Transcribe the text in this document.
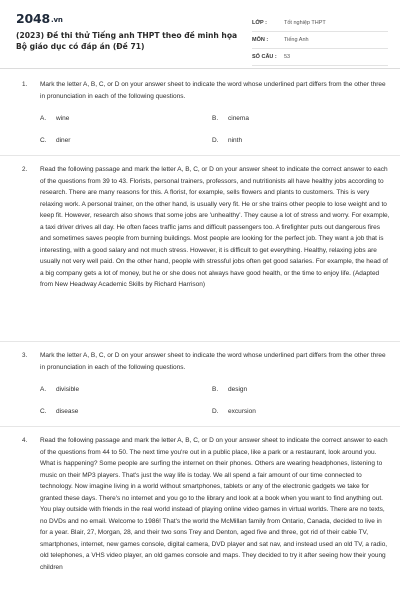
2048.vn
(2023) Đề thi thử Tiếng anh THPT theo đề minh họa Bộ giáo dục có đáp án (Đề 71)
LỚP :	Tốt nghiệp THPT
MÔN :	Tiếng Anh
SỐ CÂU :	53
1. Mark the letter A, B, C, or D on your answer sheet to indicate the word whose underlined part differs from the other three in pronunciation in each of the following questions.
A. wine	B. cinema
C. diner	D. ninth
2. Read the following passage and mark the letter A, B, C, or D on your answer sheet to indicate the correct answer to each of the questions from 39 to 43. Florists, personal trainers, professors, and nutritionists all have healthy jobs according to research. There are many reasons for this. A florist, for example, sells flowers and plants to customers. This is very relaxing work. A personal trainer, on the other hand, is usually very fit. He or she trains other people to lose weight and to keep fit. However, research also shows that some jobs are 'unhealthy'. They cause a lot of stress and worry. For example, a taxi driver drives all day. He often faces traffic jams and difficult passengers too. A firefighter puts out dangerous fires and sometimes saves people from burning buildings. Most people are looking for the perfect job. They want a job that is interesting, with a good salary and not much stress. However, it is difficult to get everything. Healthy, relaxing jobs are usually not very well paid. On the other hand, people with stressful jobs often get good salaries. For example, the head of a big company gets a lot of money, but he or she does not always have good health, or the time to enjoy life. (Adapted from New Headway Academic Skills by Richard Harrison)
3. Mark the letter A, B, C, or D on your answer sheet to indicate the word whose underlined part differs from the other three in pronunciation in each of the following questions.
A. divisible	B. design
C. disease	D. excursion
4. Read the following passage and mark the letter A, B, C, or D on your answer sheet to indicate the correct answer to each of the questions from 44 to 50. The next time you're out in a public place, like a park or a restaurant, look around you. What is happening? Some people are surfing the internet on their phones. Others are wearing headphones, listening to music on their MP3 players. That's just the way life is today. We all spend a fair amount of our time connected to technology. Now imagine living in a world without smartphones, tablets or any of the electronic gadgets we take for granted these days. There's no internet and you go to the library and look at a book when you want to find anything out. You play outside with friends in the real world instead of playing online video games in virtual worlds. There are no texts, no DVDs and no email. Welcome to 1986! That's the world the McMillan family from Ontario, Canada, decided to live in for a year. Blair, 27, Morgan, 28, and their two sons Trey and Denton, aged five and three, got rid of their cable TV, smartphones, internet, new games console, digital camera, DVD player and sat nav, and instead used an old TV, a radio, old telephones, a VHS video player, an old games console and maps. They decided to try it after seeing how their young children
